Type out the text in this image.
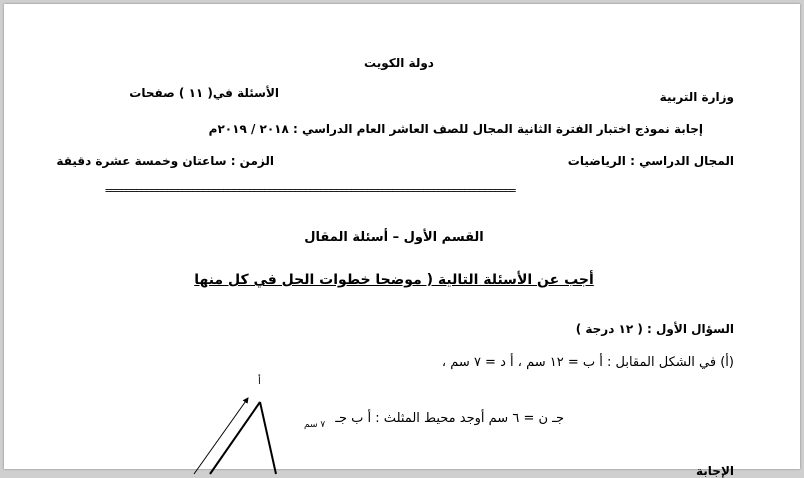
دولة الكويت
وزارة التربية
الأسئلة في( ١١ ) صفحات
إجابة نموذج اختبار الفترة الثانية المجال للصف العاشر العام الدراسي : ٢٠١٨ / ٢٠١٩م
المجال الدراسي : الرياضيات
الزمن : ساعتان وخمسة عشرة دقيقة
================================================================================
القسم الأول – أسئلة المقال
أجب عن الأسئلة التالية ( موضحا خطوات الحل في كل منها
السؤال الأول : ( ١٢ درجة )
(أ) في الشكل المقابل : أ ب = ١٢ سم ، أ د = ٧ سم ،
جـ ن = ٦ سم أوجد محيط المثلث : أ ب جـ
الإجابة
أ
٧ سم
